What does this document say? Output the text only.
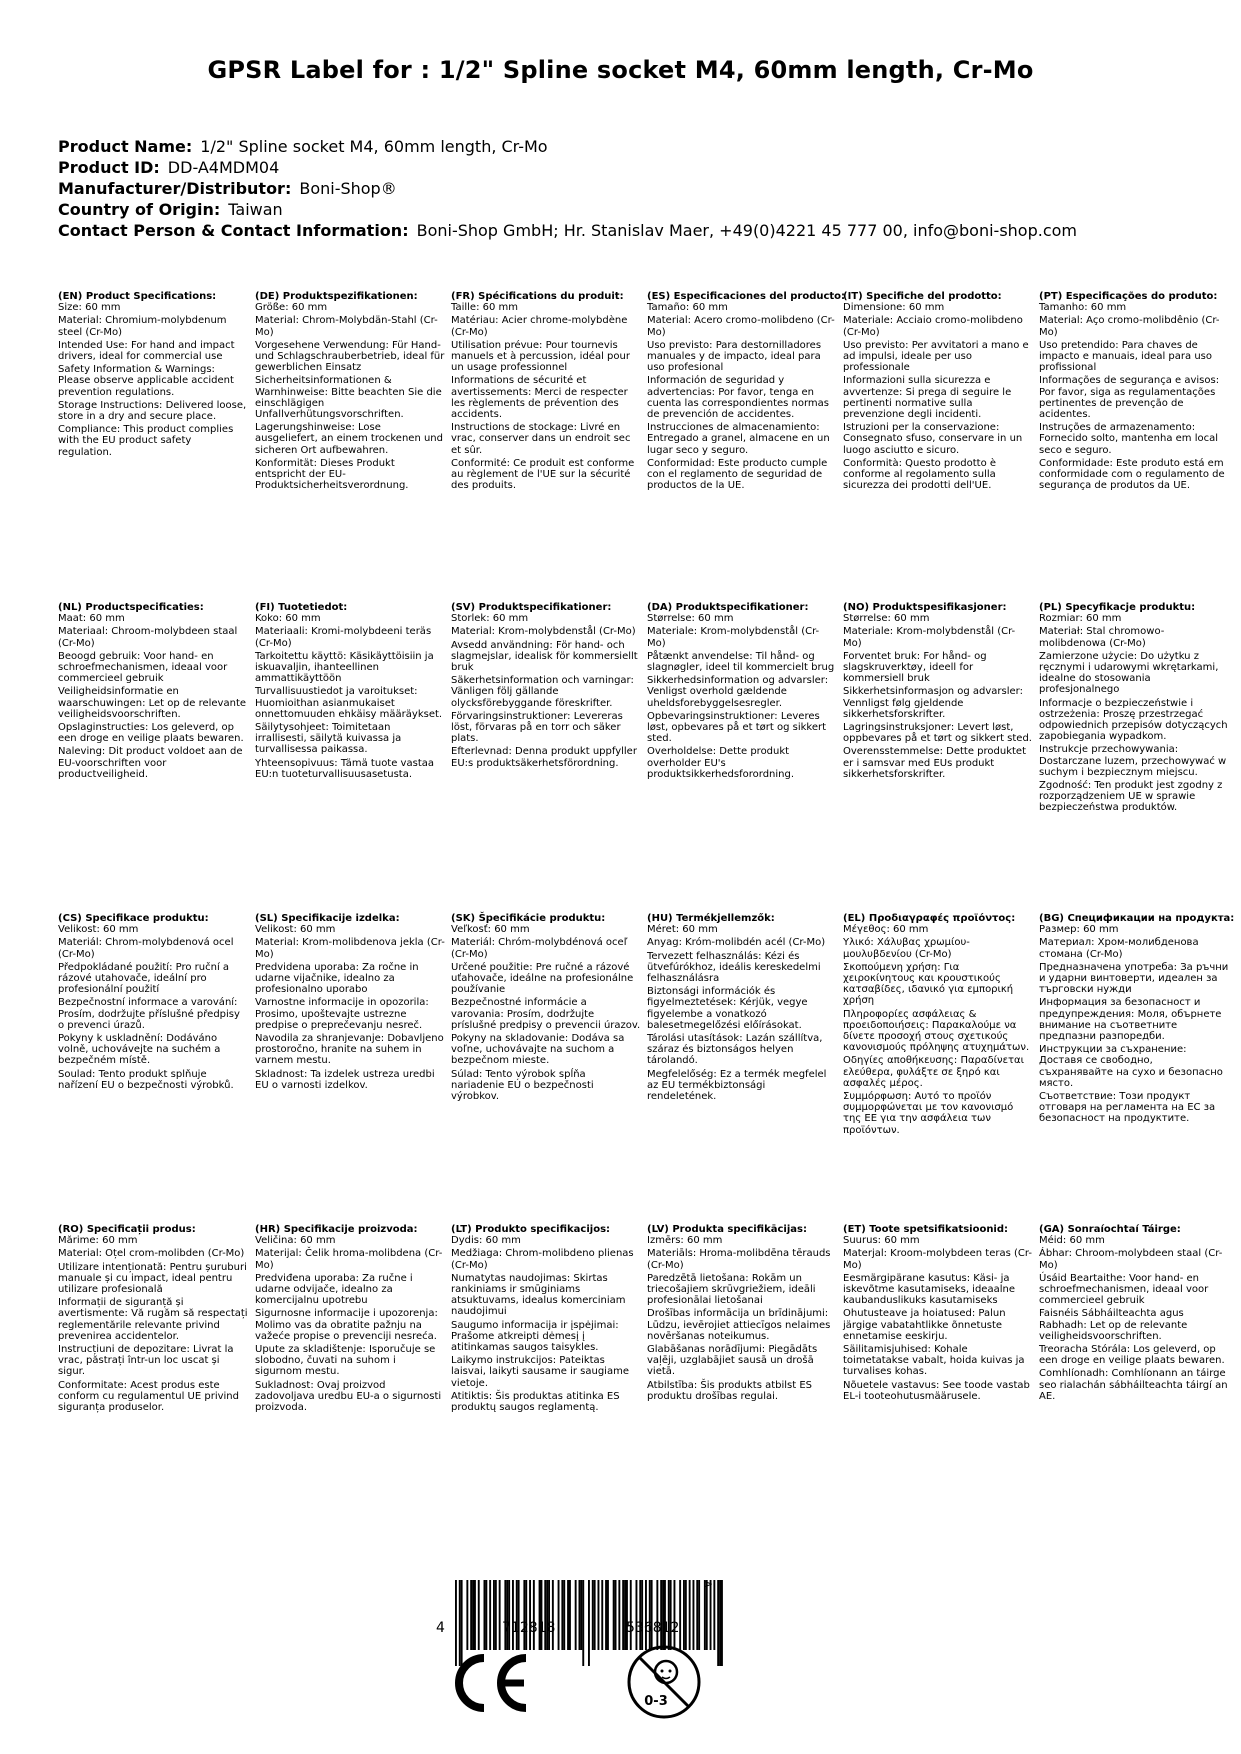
GPSR Label for : 1/2" Spline socket M4, 60mm length, Cr-Mo
Product Name: 1/2" Spline socket M4, 60mm length, Cr-Mo
Product ID: DD-A4MDM04
Manufacturer/Distributor: Boni-Shop®
Country of Origin: Taiwan
Contact Person & Contact Information: Boni-Shop GmbH; Hr. Stanislav Maer, +49(0)4221 45 777 00, info@boni-shop.com
(EN) Product Specifications:
Size: 60 mm
Material: Chromium-molybdenum steel (Cr-Mo)
Intended Use: For hand and impact drivers, ideal for commercial use
Safety Information & Warnings: Please observe applicable accident prevention regulations.
Storage Instructions: Delivered loose, store in a dry and secure place.
Compliance: This product complies with the EU product safety regulation.
(DE) Produktspezifikationen:
Größe: 60 mm
Material: Chrom-Molybdän-Stahl (Cr-Mo)
Vorgesehene Verwendung: Für Hand- und Schlagschrauberbetrieb, ideal für gewerblichen Einsatz
Sicherheitsinformationen & Warnhinweise: Bitte beachten Sie die einschlägigen Unfallverhütungsvorschriften.
Lagerungshinweise: Lose ausgeliefert, an einem trockenen und sicheren Ort aufbewahren.
Konformität: Dieses Produkt entspricht der EU-Produktsicherheitsverordnung.
(FR) Spécifications du produit:
Taille: 60 mm
Matériau: Acier chrome-molybdène (Cr-Mo)
Utilisation prévue: Pour tournevis manuels et à percussion, idéal pour un usage professionnel
Informations de sécurité et avertissements: Merci de respecter les règlements de prévention des accidents.
Instructions de stockage: Livré en vrac, conserver dans un endroit sec et sûr.
Conformité: Ce produit est conforme au règlement de l'UE sur la sécurité des produits.
(ES) Especificaciones del producto:
Tamaño: 60 mm
Material: Acero cromo-molibdeno (Cr-Mo)
Uso previsto: Para destornilladores manuales y de impacto, ideal para uso profesional
Información de seguridad y advertencias: Por favor, tenga en cuenta las correspondientes normas de prevención de accidentes.
Instrucciones de almacenamiento: Entregado a granel, almacene en un lugar seco y seguro.
Conformidad: Este producto cumple con el reglamento de seguridad de productos de la UE.
(IT) Specifiche del prodotto:
Dimensione: 60 mm
Materiale: Acciaio cromo-molibdeno (Cr-Mo)
Uso previsto: Per avvitatori a mano e ad impulsi, ideale per uso professionale
Informazioni sulla sicurezza e avvertenze: Si prega di seguire le pertinenti normative sulla prevenzione degli incidenti.
Istruzioni per la conservazione: Consegnato sfuso, conservare in un luogo asciutto e sicuro.
Conformità: Questo prodotto è conforme al regolamento sulla sicurezza dei prodotti dell'UE.
(PT) Especificações do produto:
Tamanho: 60 mm
Material: Aço cromo-molibdênio (Cr-Mo)
Uso pretendido: Para chaves de impacto e manuais, ideal para uso profissional
Informações de segurança e avisos: Por favor, siga as regulamentações pertinentes de prevenção de acidentes.
Instruções de armazenamento: Fornecido solto, mantenha em local seco e seguro.
Conformidade: Este produto está em conformidade com o regulamento de segurança de produtos da UE.
(NL) Productspecificaties:
Maat: 60 mm
Materiaal: Chroom-molybdeen staal (Cr-Mo)
Beoogd gebruik: Voor hand- en schroefmechanismen, ideaal voor commercieel gebruik
Veiligheidsinformatie en waarschuwingen: Let op de relevante veiligheidsvoorschriften.
Opslaginstructies: Los geleverd, op een droge en veilige plaats bewaren.
Naleving: Dit product voldoet aan de EU-voorschriften voor productveiligheid.
(FI) Tuotetiedot:
Koko: 60 mm
Materiaali: Kromi-molybdeeni teräs (Cr-Mo)
Tarkoitettu käyttö: Käsikäyttöisiin ja iskuavaljin, ihanteellinen ammattikäyttöön
Turvallisuustiedot ja varoitukset: Huomioithan asianmukaiset onnettomuuden ehkäisy määräykset.
Säilytysohjeet: Toimitetaan irrallisesti, säilytä kuivassa ja turvallisessa paikassa.
Yhteensopivuus: Tämä tuote vastaa EU:n tuoteturvallisuusasetusta.
(SV) Produktspecifikationer:
Storlek: 60 mm
Material: Krom-molybdenstål (Cr-Mo)
Avsedd användning: För hand- och slagmejslar, idealisk för kommersiellt bruk
Säkerhetsinformation och varningar: Vänligen följ gällande olycksförebyggande föreskrifter.
Förvaringsinstruktioner: Levereras löst, förvaras på en torr och säker plats.
Efterlevnad: Denna produkt uppfyller EU:s produktsäkerhetsförordning.
(DA) Produktspecifikationer:
Størrelse: 60 mm
Materiale: Krom-molybdenstål (Cr-Mo)
Påtænkt anvendelse: Til hånd- og slagnøgler, ideel til kommercielt brug
Sikkerhedsinformation og advarsler: Venligst overhold gældende uheldsforebyggelsesregler.
Opbevaringsinstruktioner: Leveres løst, opbevares på et tørt og sikkert sted.
Overholdelse: Dette produkt overholder EU's produktsikkerhedsforordning.
(NO) Produktspesifikasjoner:
Størrelse: 60 mm
Materiale: Krom-molybdenstål (Cr-Mo)
Forventet bruk: For hånd- og slagskruverktøy, ideell for kommersiell bruk
Sikkerhetsinformasjon og advarsler: Vennligst følg gjeldende sikkerhetsforskrifter.
Lagringsinstruksjoner: Levert løst, oppbevares på et tørt og sikkert sted.
Overensstemmelse: Dette produktet er i samsvar med EUs produkt sikkerhetsforskrifter.
(PL) Specyfikacje produktu:
Rozmiar: 60 mm
Materiał: Stal chromowo-molibdenowa (Cr-Mo)
Zamierzone użycie: Do użytku z ręcznymi i udarowymi wkrętarkami, idealne do stosowania profesjonalnego
Informacje o bezpieczeństwie i ostrzeżenia: Proszę przestrzegać odpowiednich przepisów dotyczących zapobiegania wypadkom.
Instrukcje przechowywania: Dostarczane luzem, przechowywać w suchym i bezpiecznym miejscu.
Zgodność: Ten produkt jest zgodny z rozporządzeniem UE w sprawie bezpieczeństwa produktów.
(CS) Specifikace produktu:
Velikost: 60 mm
Materiál: Chrom-molybdenová ocel (Cr-Mo)
Předpokládané použití: Pro ruční a rázové utahovače, ideální pro profesionální použití
Bezpečnostní informace a varování: Prosím, dodržujte příslušné předpisy o prevenci úrazů.
Pokyny k uskladnění: Dodáváno volně, uchovávejte na suchém a bezpečném místě.
Soulad: Tento produkt splňuje nařízení EU o bezpečnosti výrobků.
(SL) Specifikacije izdelka:
Velikost: 60 mm
Material: Krom-molibdenova jekla (Cr-Mo)
Predvidena uporaba: Za ročne in udarne vijačnike, idealno za profesionalno uporabo
Varnostne informacije in opozorila: Prosimo, upoštevajte ustrezne predpise o preprečevanju nesreč.
Navodila za shranjevanje: Dobavljeno prostoročno, hranite na suhem in varnem mestu.
Skladnost: Ta izdelek ustreza uredbi EU o varnosti izdelkov.
(SK) Špecifikácie produktu:
Veľkosť: 60 mm
Materiál: Chróm-molybdénová oceľ (Cr-Mo)
Určené použitie: Pre ručné a rázové uťahovače, ideálne na profesionálne používanie
Bezpečnostné informácie a varovania: Prosím, dodržujte príslušné predpisy o prevencii úrazov.
Pokyny na skladovanie: Dodáva sa voľne, uchovávajte na suchom a bezpečnom mieste.
Súlad: Tento výrobok spĺňa nariadenie EÚ o bezpečnosti výrobkov.
(HU) Termékjellemzők:
Méret: 60 mm
Anyag: Króm-molibdén acél (Cr-Mo)
Tervezett felhasználás: Kézi és ütvefúrókhoz, ideális kereskedelmi felhasználásra
Biztonsági információk és figyelmeztetések: Kérjük, vegye figyelembe a vonatkozó balesetmegelőzési előírásokat.
Tárolási utasítások: Lazán szállítva, száraz és biztonságos helyen tárolandó.
Megfelelőség: Ez a termék megfelel az EU termékbiztonsági rendeletének.
(EL) Προδιαγραφές προϊόντος:
Μέγεθος: 60 mm
Υλικό: Χάλυβας χρωμίου-μουλυβδενίου (Cr-Mo)
Σκοπούμενη χρήση: Για χειροκίνητους και κρουστικούς κατσαβίδες, ιδανικό για εμπορική χρήση
Πληροφορίες ασφάλειας & προειδοποιήσεις: Παρακαλούμε να δίνετε προσοχή στους σχετικούς κανονισμούς πρόληψης ατυχημάτων.
Οδηγίες αποθήκευσης: Παραδίνεται ελεύθερα, φυλάξτε σε ξηρό και ασφαλές μέρος.
Συμμόρφωση: Αυτό το προϊόν συμμορφώνεται με τον κανονισμό της ΕΕ για την ασφάλεια των προϊόντων.
(BG) Спецификации на продукта:
Размер: 60 mm
Материал: Хром-молибденова стомана (Cr-Mo)
Предназначена употреба: За ръчни и ударни винтоверти, идеален за търговски нужди
Информация за безопасност и предупреждения: Моля, обърнете внимание на съответните предпазни разпоредби.
Инструкции за съхранение: Доставя се свободно, съхранявайте на сухо и безопасно място.
Съответствие: Този продукт отговаря на регламента на ЕС за безопасност на продуктите.
(RO) Specificații produs:
Mărime: 60 mm
Material: Oțel crom-molibden (Cr-Mo)
Utilizare intenționată: Pentru șuruburi manuale și cu impact, ideal pentru utilizare profesională
Informații de siguranță și avertismente: Vă rugăm să respectați reglementările relevante privind prevenirea accidentelor.
Instrucțiuni de depozitare: Livrat la vrac, păstrați într-un loc uscat și sigur.
Conformitate: Acest produs este conform cu regulamentul UE privind siguranța produselor.
(HR) Specifikacije proizvoda:
Veličina: 60 mm
Materijal: Čelik hroma-molibdena (Cr-Mo)
Predviđena uporaba: Za ručne i udarne odvijače, idealno za komercijalnu upotrebu
Sigurnosne informacije i upozorenja: Molimo vas da obratite pažnju na važeće propise o prevenciji nesreća.
Upute za skladištenje: Isporučuje se slobodno, čuvati na suhom i sigurnom mestu.
Sukladnost: Ovaj proizvod zadovoljava uredbu EU-a o sigurnosti proizvoda.
(LT) Produkto specifikacijos:
Dydis: 60 mm
Medžiaga: Chrom-molibdeno plienas (Cr-Mo)
Numatytas naudojimas: Skirtas rankiniams ir smūginiams atsuktuvams, idealus komerciniam naudojimui
Saugumo informacija ir įspėjimai: Prašome atkreipti dėmesį į atitinkamas saugos taisykles.
Laikymo instrukcijos: Pateiktas laisvai, laikyti sausame ir saugiame vietoje.
Atitiktis: Šis produktas atitinka ES produktų saugos reglamentą.
(LV) Produkta specifikācijas:
Izmērs: 60 mm
Materiāls: Hroma-molibdēna tērauds (Cr-Mo)
Paredzētā lietošana: Rokām un triecošajiem skrūvgriežiem, ideāli profesionālai lietošanai
Drošības informācija un brīdinājumi: Lūdzu, ievērojiet attiecīgos nelaimes novēršanas noteikumus.
Glabāšanas norādījumi: Piegādāts vaļēji, uzglabājiet sausā un drošā vietā.
Atbilstība: Šis produkts atbilst ES produktu drošības regulai.
(ET) Toote spetsifikatsioonid:
Suurus: 60 mm
Materjal: Kroom-molybdeen teras (Cr-Mo)
Eesmärgipärane kasutus: Käsi- ja iskevõtme kasutamiseks, ideaalne kaubanduslikuks kasutamiseks
Ohutusteave ja hoiatused: Palun järgige vabatahtlikke õnnetuste ennetamise eeskirju.
Säilitamisjuhised: Kohale toimetatakse vabalt, hoida kuivas ja turvalises kohas.
Nõuetele vastavus: See toode vastab EL-i tooteohutusmäärusele.
(GA) Sonraíochtaí Táirge:
Méid: 60 mm
Ábhar: Chroom-molybdeen staal (Cr-Mo)
Úsáid Beartaithe: Voor hand- en schroefmechanismen, ideaal voor commercieel gebruik
Faisnéis Sábháilteachta agus Rabhadh: Let op de relevante veiligheidsvoorschriften.
Treoracha Stórála: Los geleverd, op een droge en veilige plaats bewaren.
Comhlíonadh: Comhlíonann an táirge seo rialachán sábháilteachta táirgí an AE.
>
4	712818	536812
0-3
